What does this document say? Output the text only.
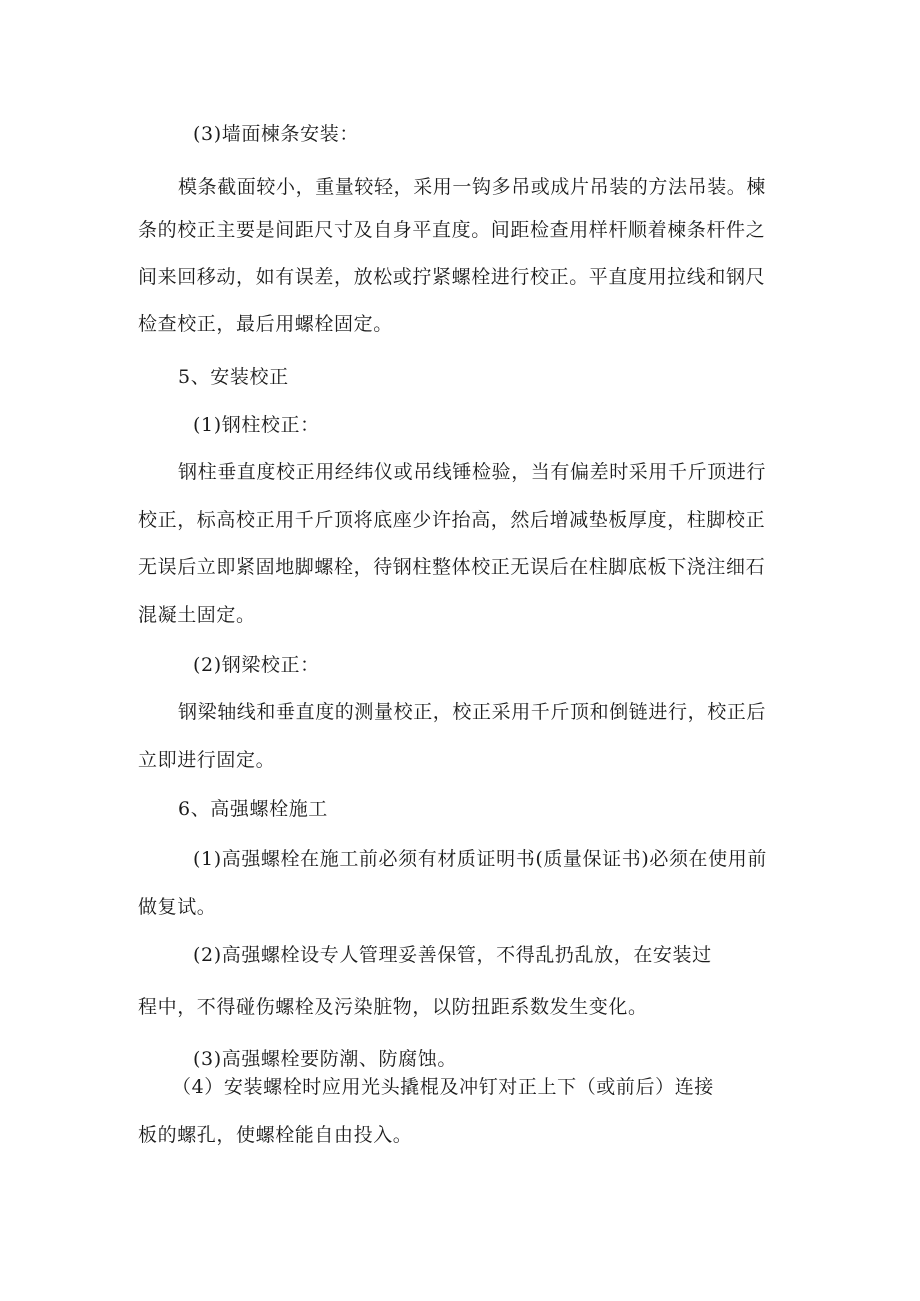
(3)墙面楝条安装：
模条截面较小，重量较轻，采用一钩多吊或成片吊装的方法吊装。楝
条的校正主要是间距尺寸及自身平直度。间距检查用样杆顺着楝条杆件之
间来回移动，如有误差，放松或拧紧螺栓进行校正。平直度用拉线和钢尺
检查校正，最后用螺栓固定。
5、安装校正
(1)钢柱校正：
钢柱垂直度校正用经纬仪或吊线锤检验，当有偏差时采用千斤顶进行
校正，标高校正用千斤顶将底座少许抬高，然后增减垫板厚度，柱脚校正
无误后立即紧固地脚螺栓，待钢柱整体校正无误后在柱脚底板下浇注细石
混凝土固定。
(2)钢梁校正：
钢梁轴线和垂直度的测量校正，校正采用千斤顶和倒链进行，校正后
立即进行固定。
6、高强螺栓施工
(1)高强螺栓在施工前必须有材质证明书(质量保证书)必须在使用前
做复试。
(2)高强螺栓设专人管理妥善保管，不得乱扔乱放，在安装过
程中，不得碰伤螺栓及污染脏物，以防扭距系数发生变化。
(3)高强螺栓要防潮、防腐蚀。
（4）安装螺栓时应用光头撬棍及冲钉对正上下（或前后）连接
板的螺孔，使螺栓能自由投入。
